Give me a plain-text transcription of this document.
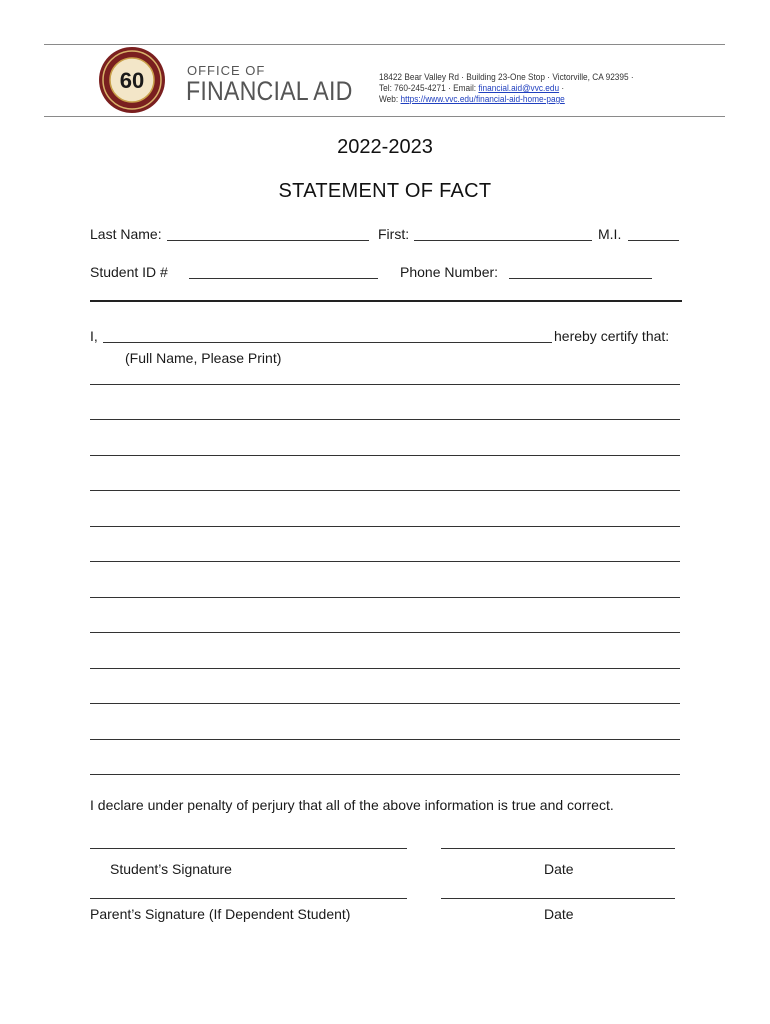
60	OFFICE OF
FINANCIAL AID	18422 Bear Valley Rd · Building 23-One Stop · Victorville, CA 92395 ·
Tel: 760-245-4271 · Email: financial.aid@vvc.edu ·
Web: https://www.vvc.edu/financial-aid-home-page
2022-2023
STATEMENT OF FACT
Last Name:	First:	M.I.
Student ID #	Phone Number:
I,	hereby certify that:
(Full Name, Please Print)
I declare under penalty of perjury that all of the above information is true and correct.
Student’s Signature	Date
Parent’s Signature (If Dependent Student)	Date
